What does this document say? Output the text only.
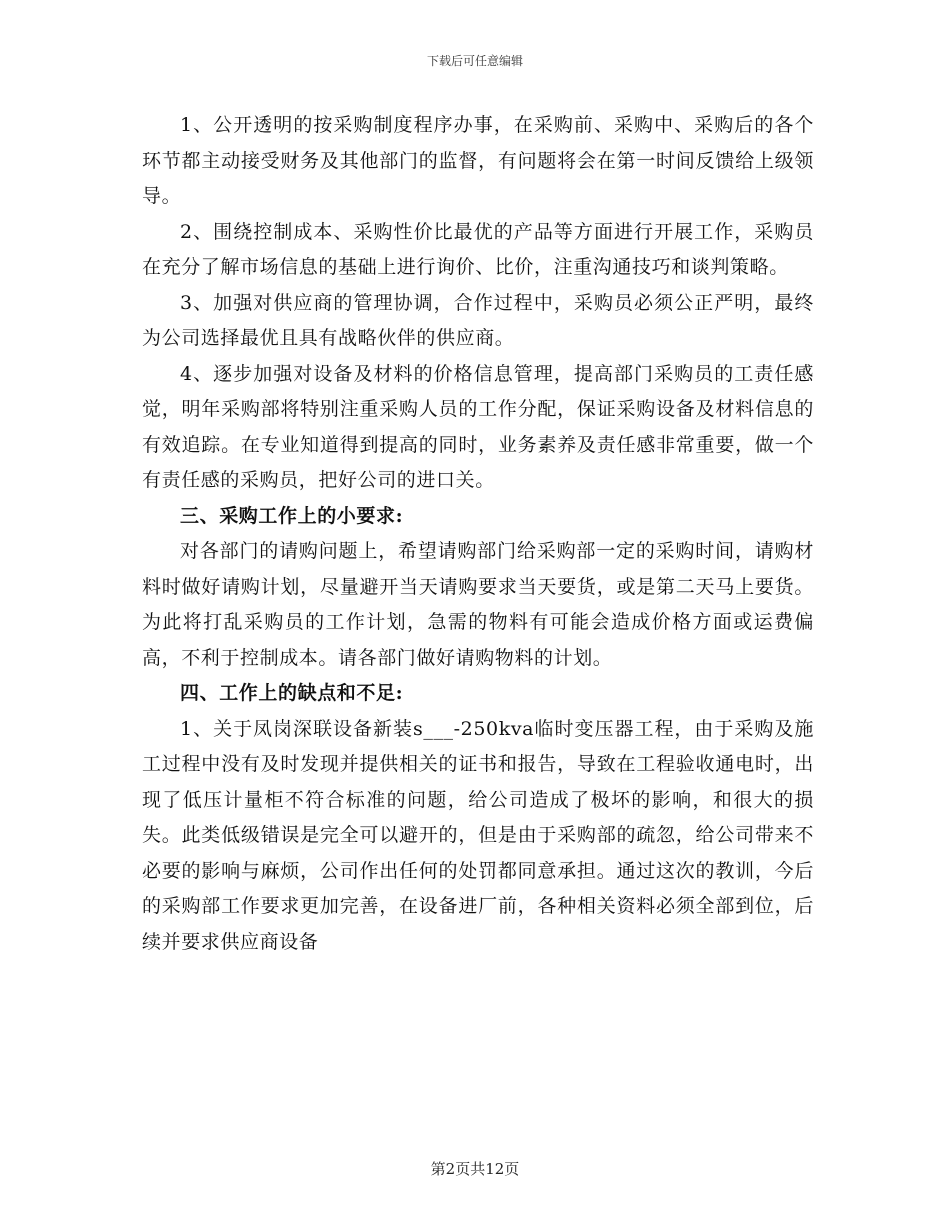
下载后可任意编辑

1、公开透明的按采购制度程序办事，在采购前、采购中、采购后的各个环节都主动接受财务及其他部门的监督，有问题将会在第一时间反馈给上级领导。

2、围绕控制成本、采购性价比最优的产品等方面进行开展工作，采购员在充分了解市场信息的基础上进行询价、比价，注重沟通技巧和谈判策略。

3、加强对供应商的管理协调，合作过程中，采购员必须公正严明，最终为公司选择最优且具有战略伙伴的供应商。

4、逐步加强对设备及材料的价格信息管理，提高部门采购员的工责任感觉，明年采购部将特别注重采购人员的工作分配，保证采购设备及材料信息的有效追踪。在专业知道得到提高的同时，业务素养及责任感非常重要，做一个有责任感的采购员，把好公司的进口关。

三、采购工作上的小要求:

对各部门的请购问题上，希望请购部门给采购部一定的采购时间，请购材料时做好请购计划，尽量避开当天请购要求当天要货，或是第二天马上要货。为此将打乱采购员的工作计划，急需的物料有可能会造成价格方面或运费偏高，不利于控制成本。请各部门做好请购物料的计划。

四、工作上的缺点和不足:

1、关于凤岗深联设备新装s___-250kva临时变压器工程，由于采购及施工过程中没有及时发现并提供相关的证书和报告，导致在工程验收通电时，出现了低压计量柜不符合标准的问题，给公司造成了极坏的影响，和很大的损失。此类低级错误是完全可以避开的，但是由于采购部的疏忽，给公司带来不必要的影响与麻烦，公司作出任何的处罚都同意承担。通过这次的教训，今后的采购部工作要求更加完善，在设备进厂前，各种相关资料必须全部到位，后续并要求供应商设备

第2页共12页
